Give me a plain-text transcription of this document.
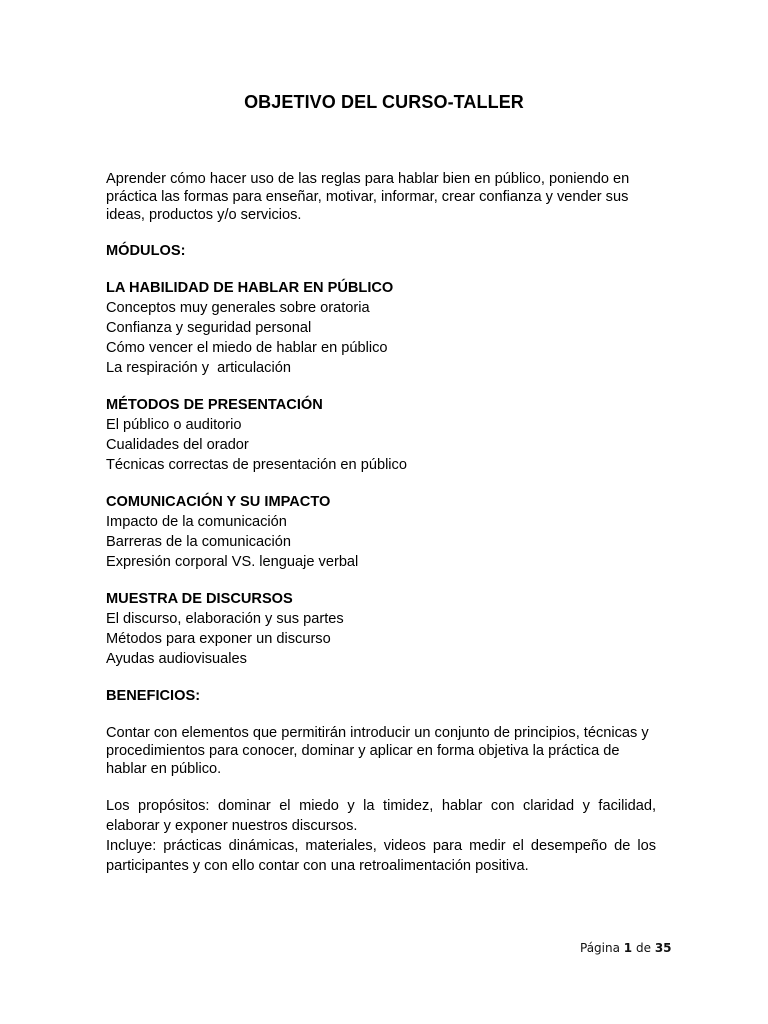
OBJETIVO DEL CURSO-TALLER

Aprender cómo hacer uso de las reglas para hablar bien en público, poniendo en práctica las formas para enseñar, motivar, informar, crear confianza y vender sus ideas, productos y/o servicios.

MÓDULOS:

LA HABILIDAD DE HABLAR EN PÚBLICO

Conceptos muy generales sobre oratoria

Confianza y seguridad personal

Cómo vencer el miedo de hablar en público

La respiración y  articulación

MÉTODOS DE PRESENTACIÓN

El público o auditorio

Cualidades del orador

Técnicas correctas de presentación en público

COMUNICACIÓN Y SU IMPACTO

Impacto de la comunicación

Barreras de la comunicación

Expresión corporal VS. lenguaje verbal

MUESTRA DE DISCURSOS

El discurso, elaboración y sus partes

Métodos para exponer un discurso

Ayudas audiovisuales

BENEFICIOS:

Contar con elementos que permitirán introducir un conjunto de principios, técnicas y procedimientos para conocer, dominar y aplicar en forma objetiva la práctica de hablar en público.

Los propósitos: dominar el miedo y la timidez, hablar con claridad y facilidad, elaborar y exponer nuestros discursos.

Incluye: prácticas dinámicas, materiales, videos para medir el desempeño de los participantes y con ello contar con una retroalimentación positiva.

Página 1 de 35
